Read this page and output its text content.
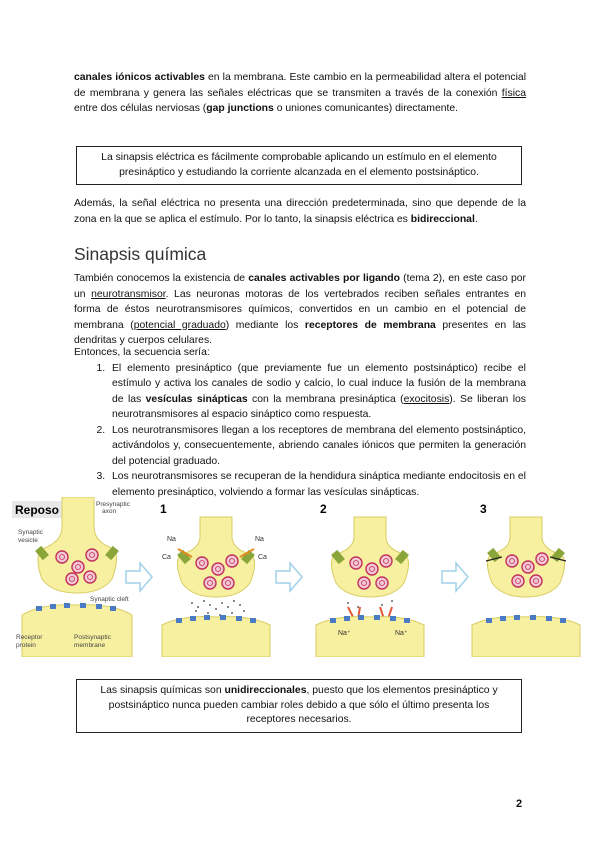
canales iónicos activables en la membrana. Este cambio en la permeabilidad altera el potencial de membrana y genera las señales eléctricas que se transmiten a través de la conexión física entre dos células nerviosas (gap junctions o uniones comunicantes) directamente.

La sinapsis eléctrica es fácilmente comprobable aplicando un estímulo en el elemento presináptico y estudiando la corriente alcanzada en el elemento postsináptico.

Además, la señal eléctrica no presenta una dirección predeterminada, sino que depende de la zona en la que se aplica el estímulo. Por lo tanto, la sinapsis eléctrica es bidireccional.

Sinapsis química

También conocemos la existencia de canales activables por ligando (tema 2), en este caso por un neurotransmisor. Las neuronas motoras de los vertebrados reciben señales entrantes en forma de éstos neurotransmisores químicos, convertidos en un cambio en el potencial de membrana (potencial graduado) mediante los receptores de membrana presentes en las dendritas y cuerpos celulares.

Entonces, la secuencia sería:
1. El elemento presináptico (que previamente fue un elemento postsináptico) recibe el estímulo y activa los canales de sodio y calcio, lo cual induce la fusión de la membrana de las vesículas sinápticas con la membrana presináptica (exocitosis). Se liberan los neurotransmisores al espacio sináptico como respuesta.
2. Los neurotransmisores llegan a los receptores de membrana del elemento postsináptico, activándolos y, consecuentemente, abriendo canales iónicos que permiten la generación del potencial graduado.
3. Los neurotransmisores se recuperan de la hendidura sináptica mediante endocitosis en el elemento presináptico, volviendo a formar las vesículas sinápticas.
Reposo	Presynaptic
axon
Synaptic
vesicle
Synaptic cleft
Receptor
protein
Postsynaptic
membrane
1
Na	Na
Ca	Ca
2
Na⁺	Na⁺
3
Las sinapsis químicas son unidireccionales, puesto que los elementos presináptico y postsináptico nunca pueden cambiar roles debido a que sólo el último presenta los receptores necesarios.
2
